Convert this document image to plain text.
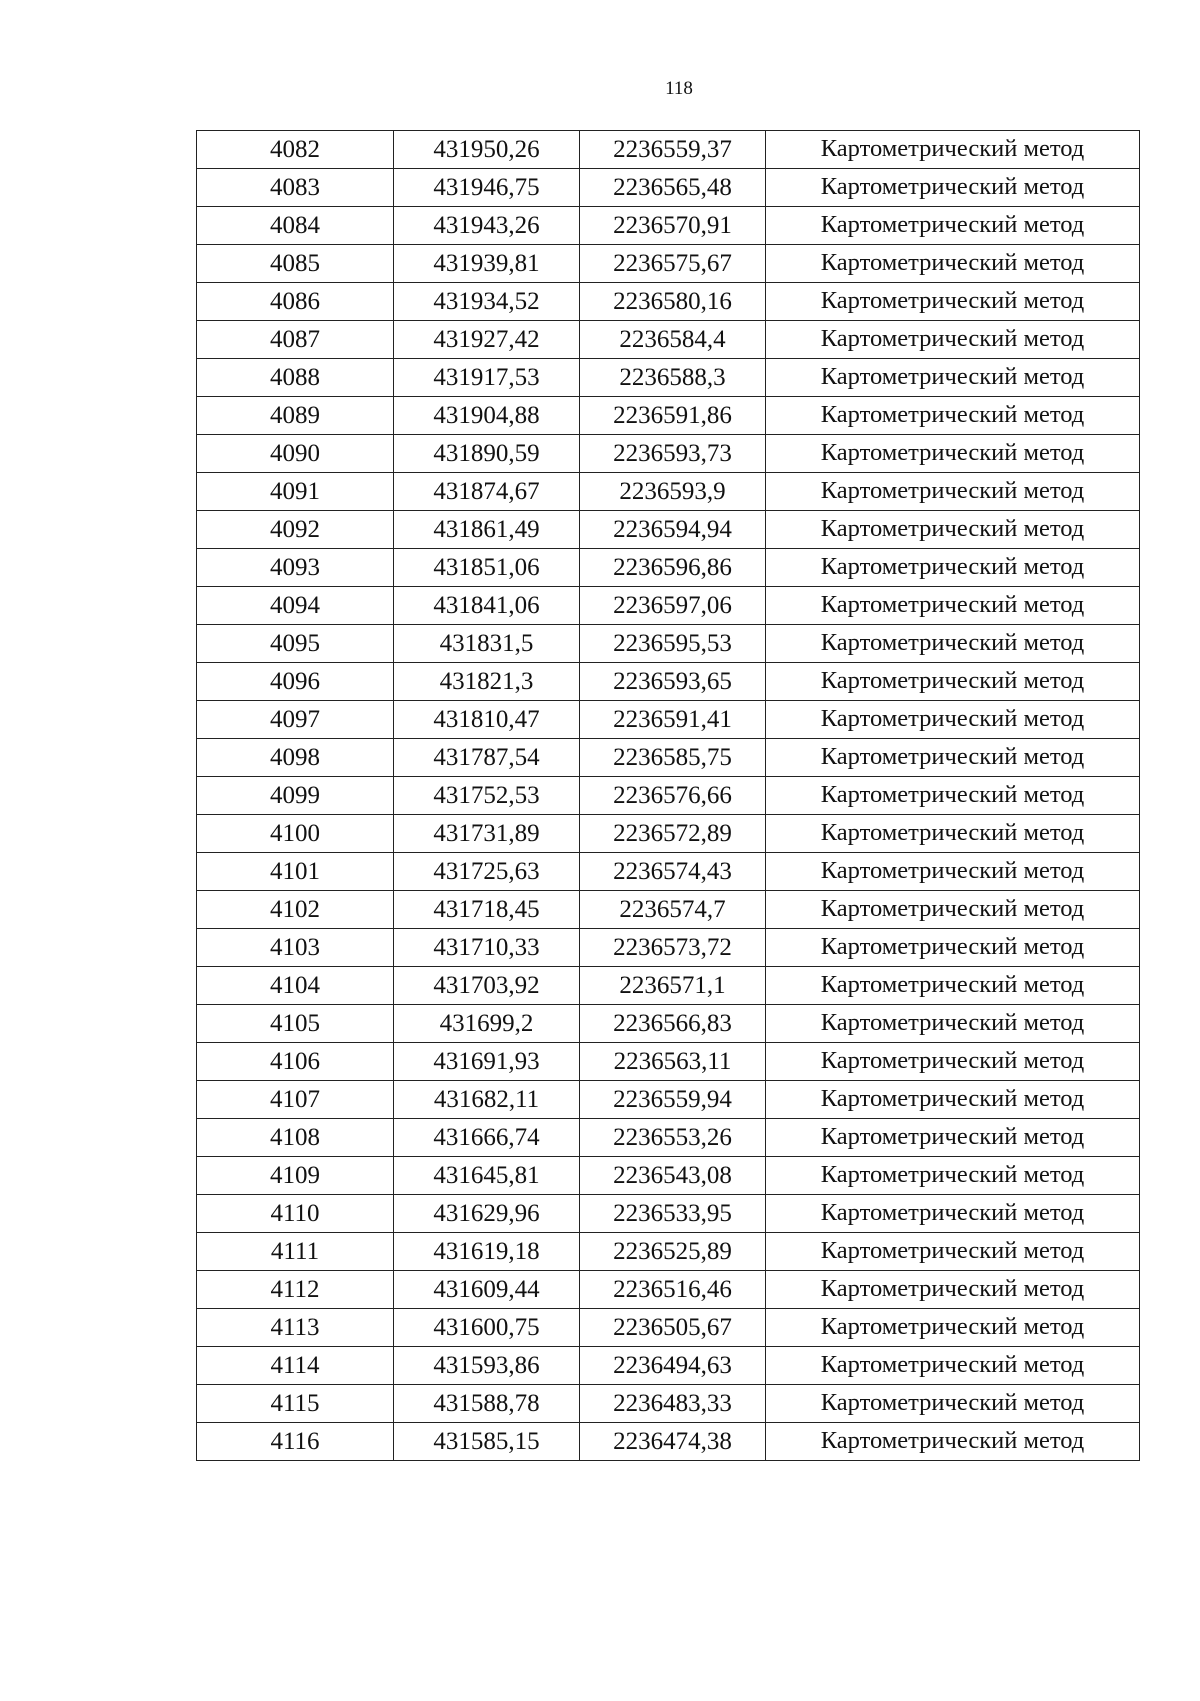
118
4082	431950,26	2236559,37	Картометрический метод
4083	431946,75	2236565,48	Картометрический метод
4084	431943,26	2236570,91	Картометрический метод
4085	431939,81	2236575,67	Картометрический метод
4086	431934,52	2236580,16	Картометрический метод
4087	431927,42	2236584,4	Картометрический метод
4088	431917,53	2236588,3	Картометрический метод
4089	431904,88	2236591,86	Картометрический метод
4090	431890,59	2236593,73	Картометрический метод
4091	431874,67	2236593,9	Картометрический метод
4092	431861,49	2236594,94	Картометрический метод
4093	431851,06	2236596,86	Картометрический метод
4094	431841,06	2236597,06	Картометрический метод
4095	431831,5	2236595,53	Картометрический метод
4096	431821,3	2236593,65	Картометрический метод
4097	431810,47	2236591,41	Картометрический метод
4098	431787,54	2236585,75	Картометрический метод
4099	431752,53	2236576,66	Картометрический метод
4100	431731,89	2236572,89	Картометрический метод
4101	431725,63	2236574,43	Картометрический метод
4102	431718,45	2236574,7	Картометрический метод
4103	431710,33	2236573,72	Картометрический метод
4104	431703,92	2236571,1	Картометрический метод
4105	431699,2	2236566,83	Картометрический метод
4106	431691,93	2236563,11	Картометрический метод
4107	431682,11	2236559,94	Картометрический метод
4108	431666,74	2236553,26	Картометрический метод
4109	431645,81	2236543,08	Картометрический метод
4110	431629,96	2236533,95	Картометрический метод
4111	431619,18	2236525,89	Картометрический метод
4112	431609,44	2236516,46	Картометрический метод
4113	431600,75	2236505,67	Картометрический метод
4114	431593,86	2236494,63	Картометрический метод
4115	431588,78	2236483,33	Картометрический метод
4116	431585,15	2236474,38	Картометрический метод
